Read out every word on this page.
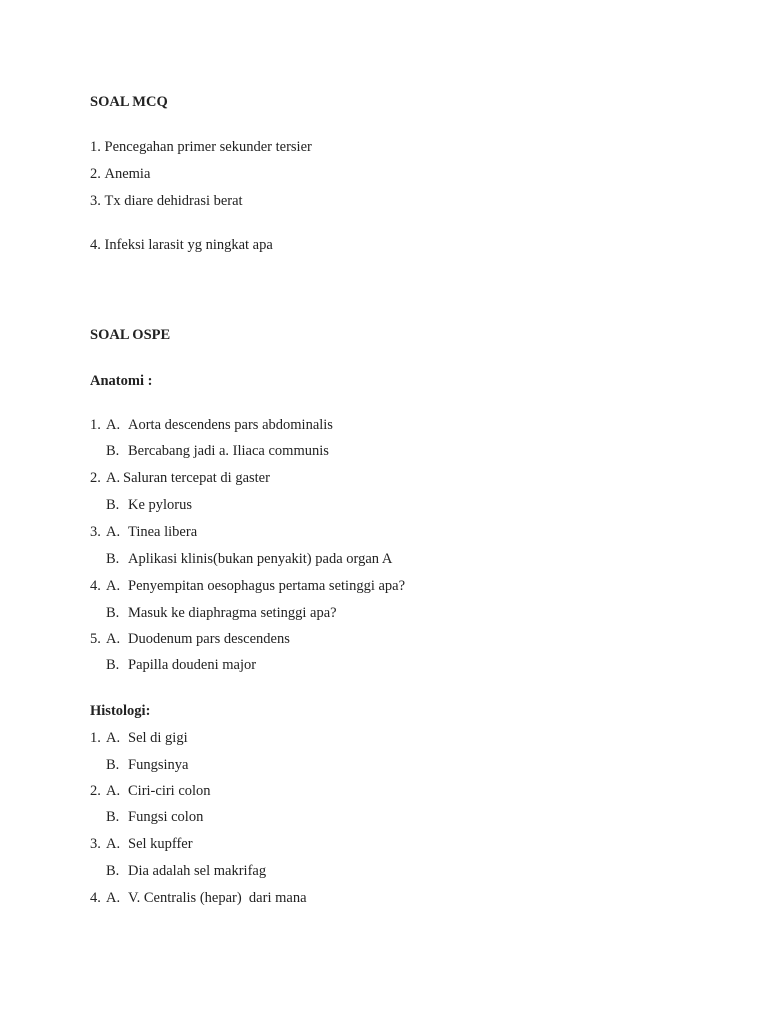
SOAL MCQ
1. Pencegahan primer sekunder tersier
2. Anemia
3. Tx diare dehidrasi berat
4. Infeksi larasit yg ningkat apa
SOAL OSPE
Anatomi :
1. A. Aorta descendens pars abdominalis
B. Bercabang jadi a. Iliaca communis
2. A. Saluran tercepat di gaster
B. Ke pylorus
3. A. Tinea libera
B. Aplikasi klinis(bukan penyakit) pada organ A
4. A. Penyempitan oesophagus pertama setinggi apa?
B. Masuk ke diaphragma setinggi apa?
5. A. Duodenum pars descendens
B. Papilla doudeni major
Histologi:
1. A. Sel di gigi
B. Fungsinya
2. A. Ciri-ciri colon
B. Fungsi colon
3. A. Sel kupffer
B. Dia adalah sel makrifag
4. A. V. Centralis (hepar)  dari mana
